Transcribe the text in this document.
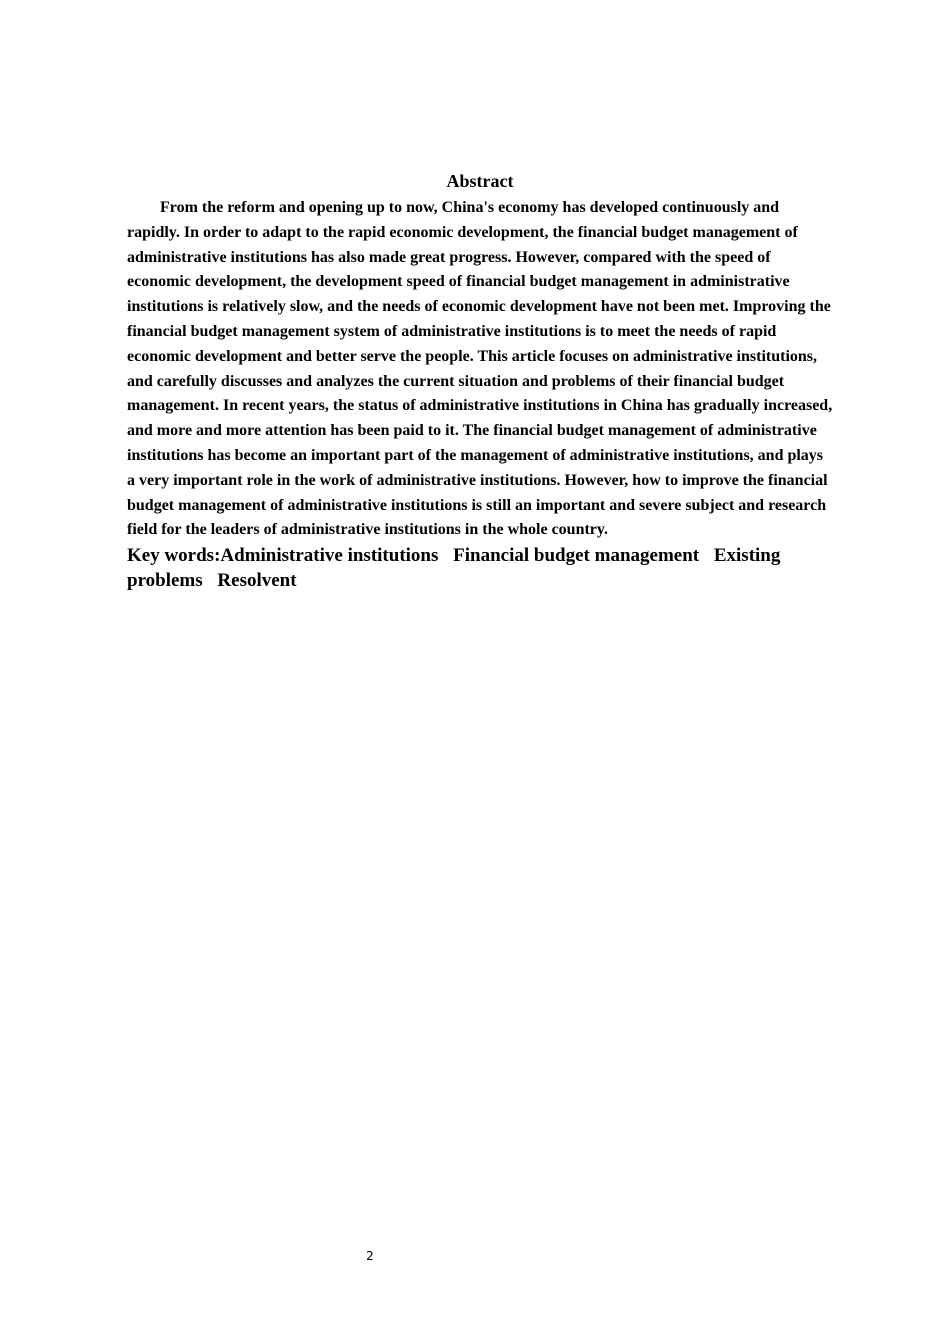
Abstract

From the reform and opening up to now, China's economy has developed continuously and rapidly. In order to adapt to the rapid economic development, the financial budget management of administrative institutions has also made great progress. However, compared with the speed of economic development, the development speed of financial budget management in administrative institutions is relatively slow, and the needs of economic development have not been met. Improving the financial budget management system of administrative institutions is to meet the needs of rapid economic development and better serve the people. This article focuses on administrative institutions, and carefully discusses and analyzes the current situation and problems of their financial budget management. In recent years, the status of administrative institutions in China has gradually increased, and more and more attention has been paid to it. The financial budget management of administrative institutions has become an important part of the management of administrative institutions, and plays a very important role in the work of administrative institutions. However, how to improve the financial budget management of administrative institutions is still an important and severe subject and research field for the leaders of administrative institutions in the whole country.

Key words:Administrative institutions Financial budget management Existing problems Resolvent

2
